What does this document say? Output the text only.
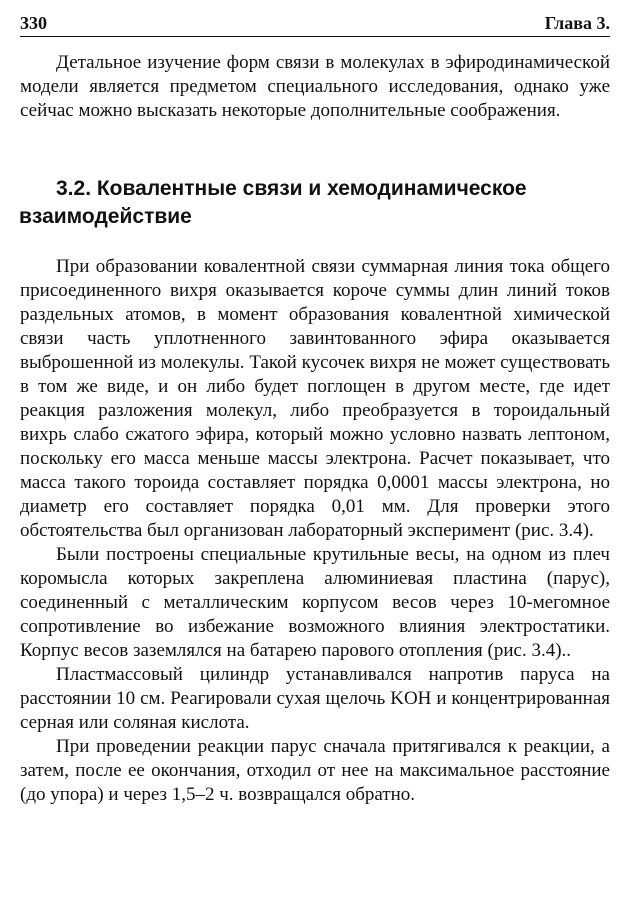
330	Глава 3.

Детальное изучение форм связи в молекулах в эфиродинамической модели является предметом специального исследования, однако уже сейчас можно высказать некоторые дополнительные соображения.

3.2. Ковалентные связи и хемодинамическое
взаимодействие

При образовании ковалентной связи суммарная линия тока общего присоединенного вихря оказывается короче суммы длин линий токов раздельных атомов, в момент образования ковалентной химической связи часть уплотненного завинтованного эфира оказывается выброшенной из молекулы. Такой кусочек вихря не может существовать в том же виде, и он либо будет поглощен в другом месте, где идет реакция разложения молекул, либо преобразуется в тороидальный вихрь слабо сжатого эфира, который можно условно назвать лептоном, поскольку его масса меньше массы электрона. Расчет показывает, что масса такого тороида составляет порядка 0,0001 массы электрона, но диаметр его составляет порядка 0,01 мм. Для проверки этого обстоятельства был организован лабораторный эксперимент (рис. 3.4).

Были построены специальные крутильные весы, на одном из плеч коромысла которых закреплена алюминиевая пластина (парус), соединенный с металлическим корпусом весов через 10-мегомное сопротивление во избежание возможного влияния электростатики. Корпус весов заземлялся на батарею парового отопления (рис. 3.4)..

Пластмассовый цилиндр устанавливался напротив паруса на расстоянии 10 см. Реагировали сухая щелочь KOH и концентрированная серная или соляная кислота.

При проведении реакции парус сначала притягивался к реакции, а затем, после ее окончания, отходил от нее на максимальное расстояние (до упора) и через 1,5–2 ч. возвращался обратно.
